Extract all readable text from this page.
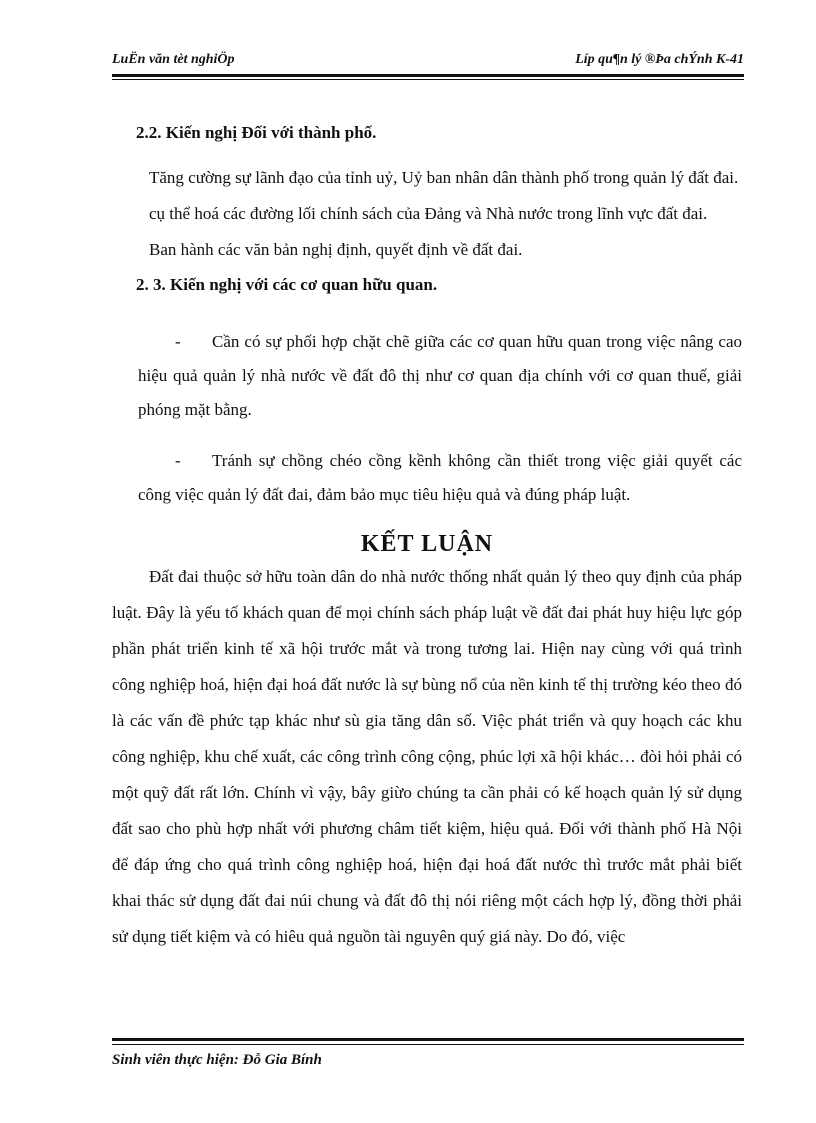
LuËn văn tèt nghiÖp	Líp qu¶n lý ®Þa chÝnh K-41

2.2. Kiến nghị Đối với thành phố.

Tăng cường sự lãnh đạo của tỉnh uỷ, Uỷ ban nhân dân thành phố trong quản lý đất đai.

cụ thể hoá các đường lối chính sách của Đảng và Nhà nước trong lĩnh vực đất đai.

Ban hành các văn bản nghị định, quyết định về đất đai.

2. 3. Kiến nghị với các cơ quan hữu quan.

- Cần có sự phối hợp chặt chẽ giữa các cơ quan hữu quan trong việc nâng cao hiệu quả quản lý nhà nước về đất đô thị như cơ quan địa chính với cơ quan thuế, giải phóng mặt bằng.

- Tránh sự chồng chéo cồng kềnh không cần thiết trong việc giải quyết các công việc quản lý đất đai, đảm bảo mục tiêu hiệu quả và đúng pháp luật.

KẾT LUẬN

Đất đai thuộc sở hữu toàn dân do nhà nước thống nhất quản lý theo quy định của pháp luật. Đây là yếu tố khách quan để mọi chính sách pháp luật về đất đai phát huy hiệu lực góp phần phát triển kinh tế xã hội trước mắt và trong tương lai. Hiện nay cùng với quá trình công nghiệp hoá, hiện đại hoá đất nước là sự bùng nổ của nền kinh tế thị trường kéo theo đó là các vấn đề phức tạp khác như sù gia tăng dân số. Việc phát triển và quy hoạch các khu công nghiệp, khu chế xuất, các công trình công cộng, phúc lợi xã hội khác… đòi hỏi phải có một quỹ đất rất lớn. Chính vì vậy, bây giừo chúng ta cần phải có kế hoạch quản lý sử dụng đất sao cho phù hợp nhất với phương châm tiết kiệm, hiệu quả. Đối với thành phố Hà Nội để đáp ứng cho quá trình công nghiệp hoá, hiện đại hoá đất nước thì trước mắt phải biết khai thác sử dụng đất đai núi chung và đất đô thị nói riêng một cách hợp lý, đồng thời phải sử dụng tiết kiệm và có hiêu quả nguồn tài nguyên quý giá này. Do đó, việc

Sinh viên thực hiện: Đỗ Gia Bính
